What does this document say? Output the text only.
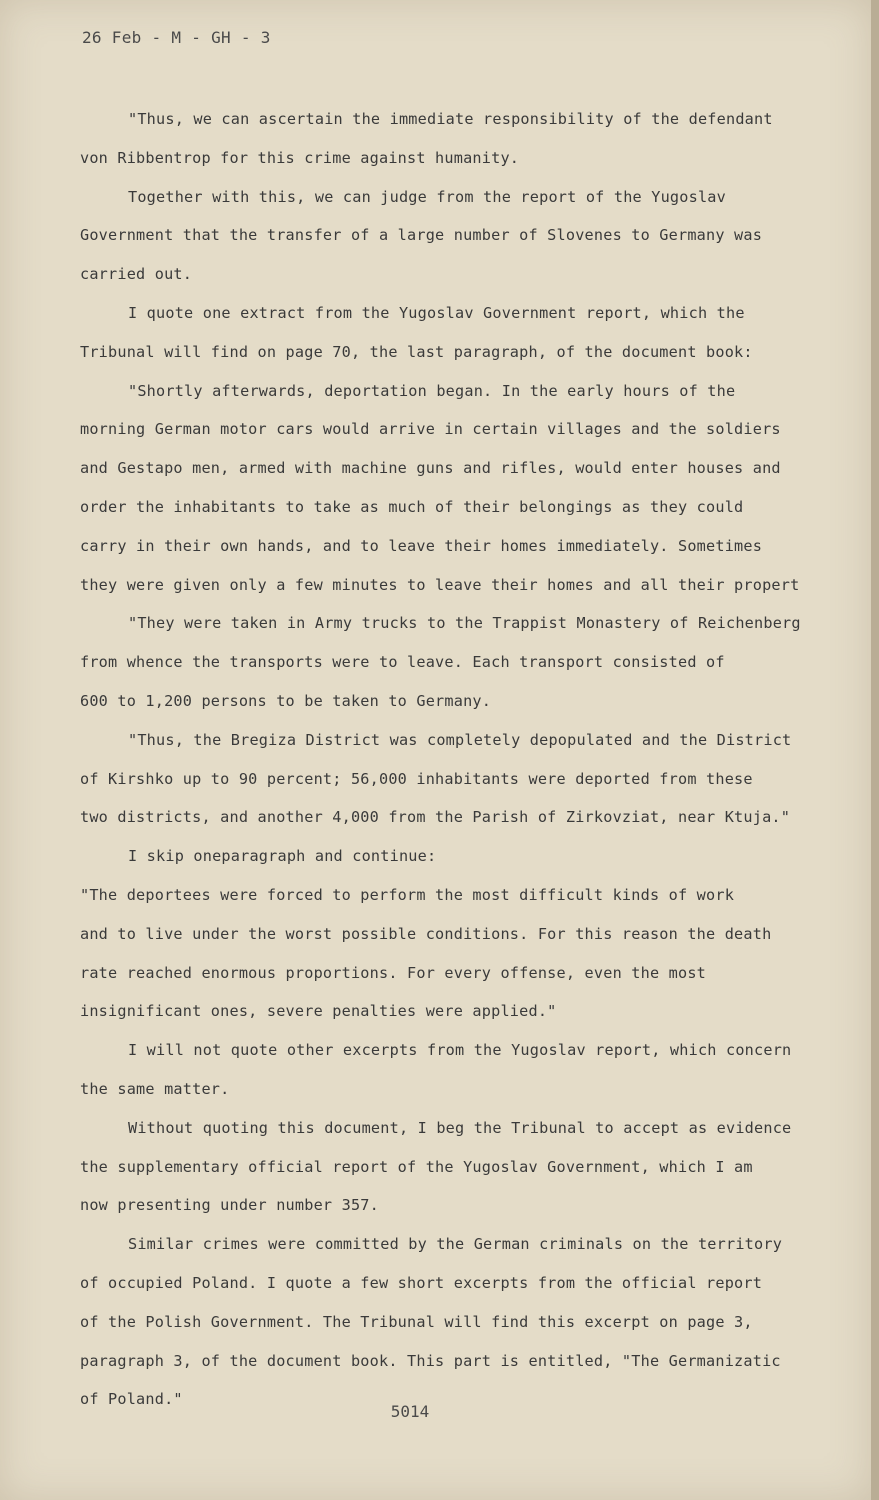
26 Feb - M - GH - 3
"Thus, we can ascertain the immediate responsibility of the defendant
von Ribbentrop for this crime against humanity.
Together with this, we can judge from the report of the Yugoslav
Government that the transfer of a large number of Slovenes to Germany was
carried out.
I quote one extract from the Yugoslav Government report, which the
Tribunal will find on page 70, the last paragraph, of the document book:
"Shortly afterwards, deportation began. In the early hours of the
morning German motor cars would arrive in certain villages and the soldiers
and Gestapo men, armed with machine guns and rifles, would enter houses and
order the inhabitants to take as much of their belongings as they could
carry in their own hands, and to leave their homes immediately. Sometimes
they were given only a few minutes to leave their homes and all their propert
"They were taken in Army trucks to the Trappist Monastery of Reichenberg
from whence the transports were to leave. Each transport consisted of
600 to 1,200 persons to be taken to Germany.
"Thus, the Bregiza District was completely depopulated and the District
of Kirshko up to 90 percent; 56,000 inhabitants were deported from these
two districts, and another 4,000 from the Parish of Zirkovziat, near Ktuja."
I skip oneparagraph and continue:
"The deportees were forced to perform the most difficult kinds of work
and to live under the worst possible conditions. For this reason the death
rate reached enormous proportions. For every offense, even the most
insignificant ones, severe penalties were applied."
I will not quote other excerpts from the Yugoslav report, which concern
the same matter.
Without quoting this document, I beg the Tribunal to accept as evidence
the supplementary official report of the Yugoslav Government, which I am
now presenting under number 357.
Similar crimes were committed by the German criminals on the territory
of occupied Poland. I quote a few short excerpts from the official report
of the Polish Government. The Tribunal will find this excerpt on page 3,
paragraph 3, of the document book. This part is entitled, "The Germanizatic
of Poland."
5014
